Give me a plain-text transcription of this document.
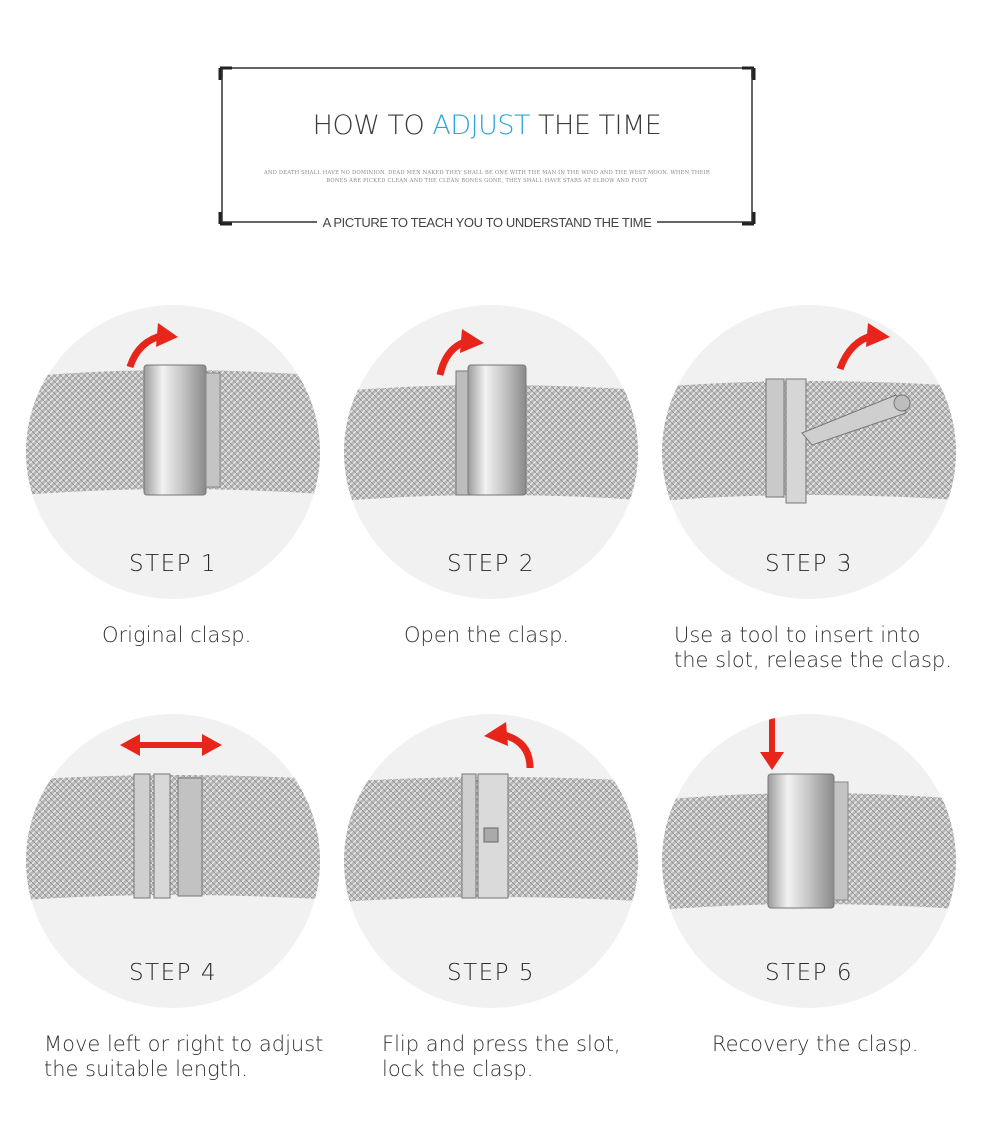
HOW TO ADJUST THE TIME
AND DEATH SHALL HAVE NO DOMINION. DEAD MEN NAKED THEY SHALL BE ONE WITH THE MAN IN THE WIND AND THE WEST MOON. WHEN THEIR BONES ARE PICKED CLEAN AND THE CLEAN BONES GONE, THEY SHALL HAVE STARS AT ELBOW AND FOOT
A PICTURE TO TEACH YOU TO UNDERSTAND THE TIME
STEP 1
Original clasp.
STEP 2
Open the clasp.
STEP 3
Use a tool to insert into
the slot, release the clasp.
STEP 4
Move left or right to adjust
the suitable length.
STEP 5
Flip and press the slot,
lock the clasp.
STEP 6
Recovery the clasp.
